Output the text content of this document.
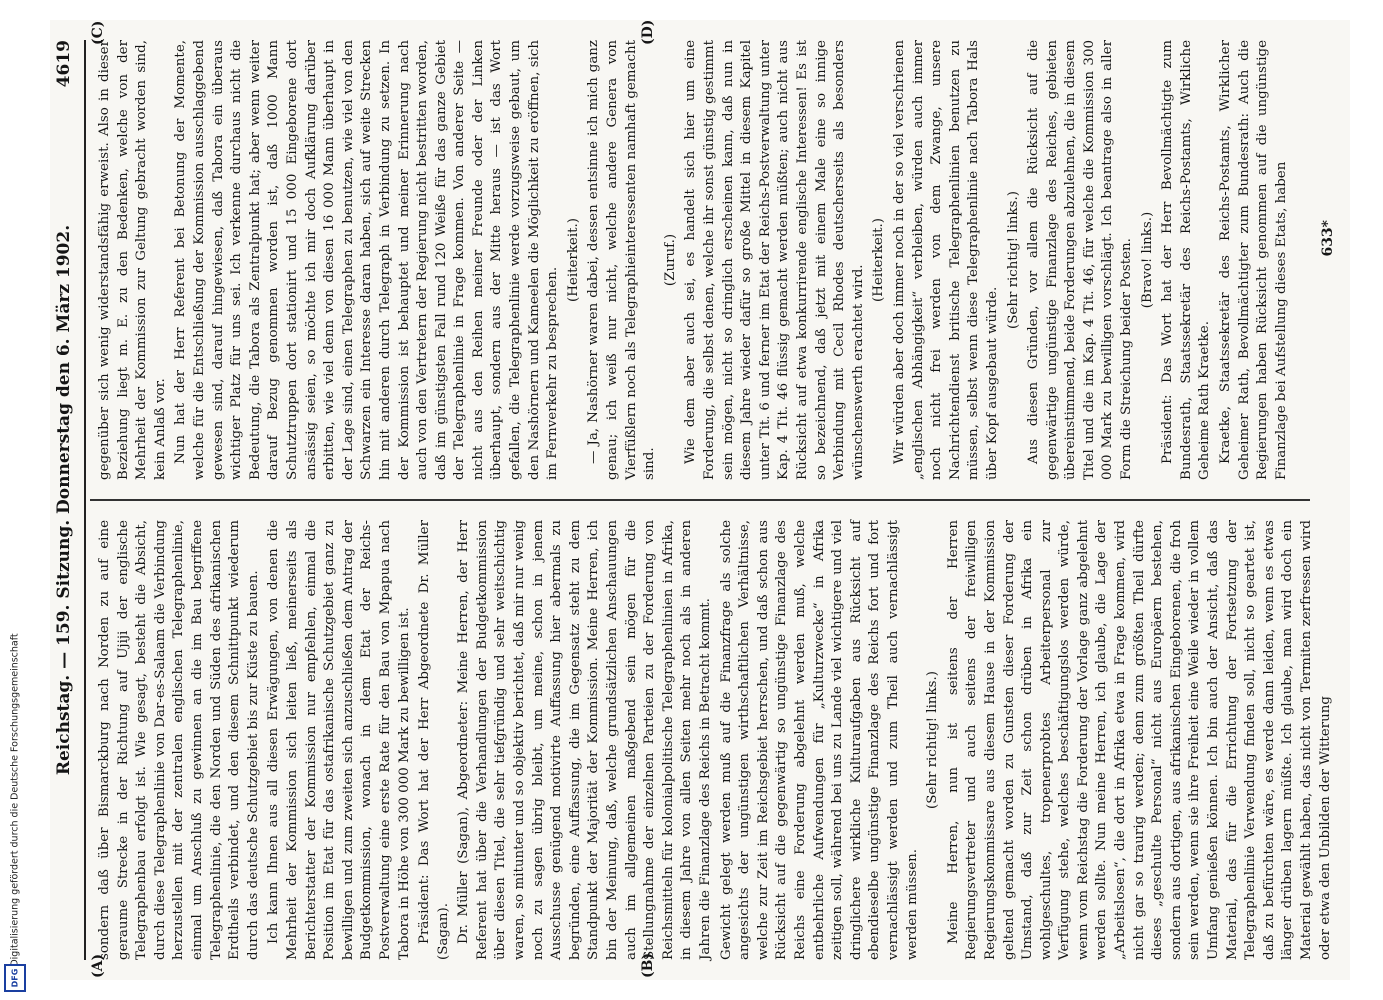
Reichstag. — 159. Sitzung. Donnerstag den 6. März 1902.
4619
(A)	(B)
(C)	(D)

sondern daß über Bismarckburg nach Norden zu auf eine geraume Strecke in der Richtung auf Ujiji der englische Telegraphenbau erfolgt ist. Wie gesagt, besteht die Absicht, durch diese Telegraphenlinie von Dar-es-Salaam die Verbindung herzustellen mit der zentralen englischen Telegraphenlinie, einmal um Anschluß zu gewinnen an die im Bau begriffene Telegraphenlinie, die den Norden und Süden des afrikanischen Erdtheils verbindet, und den diesem Schnittpunkt wiederum durch das deutsche Schutzgebiet bis zur Küste zu bauen. Ich kann Ihnen aus all diesen Erwägungen, von denen die Mehrheit der Kommission sich leiten ließ, meinerseits als Berichterstatter der Kommission nur empfehlen, einmal die Position im Etat für das ostafrikanische Schutzgebiet ganz zu bewilligen und zum zweiten sich anzuschließen dem Antrag der Budgetkommission, wonach in dem Etat der Reichs-Postverwaltung eine erste Rate für den Bau von Mpapua nach Tabora in Höhe von 300 000 Mark zu bewilligen ist. Präsident: Das Wort hat der Herr Abgeordnete Dr. Müller (Sagan). Dr. Müller (Sagan), Abgeordneter: Meine Herren, der Herr Referent hat über die Verhandlungen der Budgetkommission über diesen Titel, die sehr tiefgründig und sehr weitschichtig waren, so mitunter und so objektiv berichtet, daß mir nur wenig noch zu sagen übrig bleibt, um meine, schon in jenem Ausschusse genügend motivirte Auffassung hier abermals zu begründen, eine Auffassung, die im Gegensatz steht zu dem Standpunkt der Majorität der Kommission. Meine Herren, ich bin der Meinung, daß, welche grundsätzlichen Anschauungen auch im allgemeinen maßgebend sein mögen für die Stellungnahme der einzelnen Parteien zu der Forderung von Reichsmitteln für kolonialpolitische Telegraphenlinien in Afrika, in diesem Jahre von allen Seiten mehr noch als in anderen Jahren die Finanzlage des Reichs in Betracht kommt. Gewicht gelegt werden muß auf die Finanzfrage als solche angesichts der ungünstigen wirthschaftlichen Verhältnisse, welche zur Zeit im Reichsgebiet herrschen, und daß schon aus Rücksicht auf die gegenwärtig so ungünstige Finanzlage des Reichs eine Forderung abgelehnt werden muß, welche entbehrliche Aufwendungen für „Kulturzwecke“ in Afrika zeitigen soll, während bei uns zu Lande viel wichtigere und viel dringlichere wirkliche Kulturaufgaben aus Rücksicht auf ebendieselbe ungünstige Finanzlage des Reichs fort und fort vernachlässigt werden und zum Theil auch vernachlässigt werden müssen.

(Sehr richtig! links.) Meine Herren, nun ist seitens der Herren Regierungsvertreter und auch seitens der freiwilligen Regierungskommissare aus diesem Hause in der Kommission geltend gemacht worden zu Gunsten dieser Forderung der Umstand, daß zur Zeit schon drüben in Afrika ein wohlgeschultes, tropenerprobtes Arbeiterpersonal zur Verfügung stehe, welches beschäftigungslos werden würde, wenn vom Reichstag die Forderung der Vorlage ganz abgelehnt werden sollte. Nun meine Herren, ich glaube, die Lage der „Arbeitslosen“, die dort in Afrika etwa in Frage kommen, wird nicht gar so traurig werden; denn zum größten Theil dürfte dieses „geschulte Personal“ nicht aus Europäern bestehen, sondern aus dortigen, aus afrikanischen Eingeborenen, die froh sein werden, wenn sie ihre Freiheit eine Weile wieder in vollem Umfang genießen können. Ich bin auch der Ansicht, daß das Material, das für die Errichtung der Fortsetzung der Telegraphenlinie Verwendung finden soll, nicht so geartet ist, daß zu befürchten wäre, es werde dann leiden, wenn es etwas länger drüben lagern müßte. Ich glaube, man wird doch ein Material gewählt haben, das nicht von Termiten zerfressen wird oder etwa den Unbilden der Witterung

gegenüber sich wenig widerstandsfähig erweist. Also in dieser Beziehung liegt m. E. zu den Bedenken, welche von der Mehrheit der Kommission zur Geltung gebracht worden sind, kein Anlaß vor. Nun hat der Herr Referent bei Betonung der Momente, welche für die Entschließung der Kommission ausschlaggebend gewesen sind, darauf hingewiesen, daß Tabora ein überaus wichtiger Platz für uns sei. Ich verkenne durchaus nicht die Bedeutung, die Tabora als Zentralpunkt hat; aber wenn weiter darauf Bezug genommen worden ist, daß 1000 Mann Schutztruppen dort stationirt und 15 000 Eingeborene dort ansässig seien, so möchte ich mir doch Aufklärung darüber erbitten, wie viel denn von diesen 16 000 Mann überhaupt in der Lage sind, einen Telegraphen zu benutzen, wie viel von den Schwarzen ein Interesse daran haben, sich auf weite Strecken hin mit anderen durch Telegraph in Verbindung zu setzen. In der Kommission ist behauptet und meiner Erinnerung nach auch von den Vertretern der Regierung nicht bestritten worden, daß im günstigsten Fall rund 120 Weiße für das ganze Gebiet der Telegraphenlinie in Frage kommen. Von anderer Seite — nicht aus den Reihen meiner Freunde oder der Linken überhaupt, sondern aus der Mitte heraus — ist das Wort gefallen, die Telegraphenlinie werde vorzugsweise gebaut, um den Nashörnern und Kameelen die Möglichkeit zu eröffnen, sich im Fernverkehr zu besprechen.

(Heiterkeit.) — Ja, Nashörner waren dabei, dessen entsinne ich mich ganz genau; ich weiß nur nicht, welche andere Genera von Vierfüßlern noch als Telegraphieinteressenten namhaft gemacht sind.

(Zuruf.) Wie dem aber auch sei, es handelt sich hier um eine Forderung, die selbst denen, welche ihr sonst günstig gestimmt sein mögen, nicht so dringlich erscheinen kann, daß nun in diesem Jahre wieder dafür so große Mittel in diesem Kapitel unter Tit. 6 und ferner im Etat der Reichs-Postverwaltung unter Kap. 4 Tit. 46 flüssig gemacht werden müßten; auch nicht aus Rücksicht auf etwa konkurrirende englische Interessen! Es ist so bezeichnend, daß jetzt mit einem Male eine so innige Verbindung mit Cecil Rhodes deutscherseits als besonders wünschenswerth erachtet wird.

(Heiterkeit.) Wir würden aber doch immer noch in der so viel verschrienen „englischen Abhängigkeit“ verbleiben, würden auch immer noch nicht frei werden von dem Zwange, unsere Nachrichtendienst britische Telegraphenlinien benutzen zu müssen, selbst wenn diese Telegraphenlinie nach Tabora Hals über Kopf ausgebaut würde.

(Sehr richtig! links.) Aus diesen Gründen, vor allem die Rücksicht auf die gegenwärtige ungünstige Finanzlage des Reiches, gebieten übereinstimmend, beide Forderungen abzulehnen, die in diesem Titel und die im Kap. 4 Tit. 46, für welche die Kommission 300 000 Mark zu bewilligen vorschlägt. Ich beantrage also in aller Form die Streichung beider Posten. (Bravo! links.) Präsident: Das Wort hat der Herr Bevollmächtigte zum Bundesrath, Staatssekretär des Reichs-Postamts, Wirkliche Geheime Rath Kraetke. Kraetke, Staatssekretär des Reichs-Postamts, Wirklicher Geheimer Rath, Bevollmächtigter zum Bundesrath: Auch die Regierungen haben Rücksicht genommen auf die ungünstige Finanzlage bei Aufstellung dieses Etats, haben 633*
Digitalisierung gefördert durch die Deutsche Forschungsgemeinschaft
DFG
